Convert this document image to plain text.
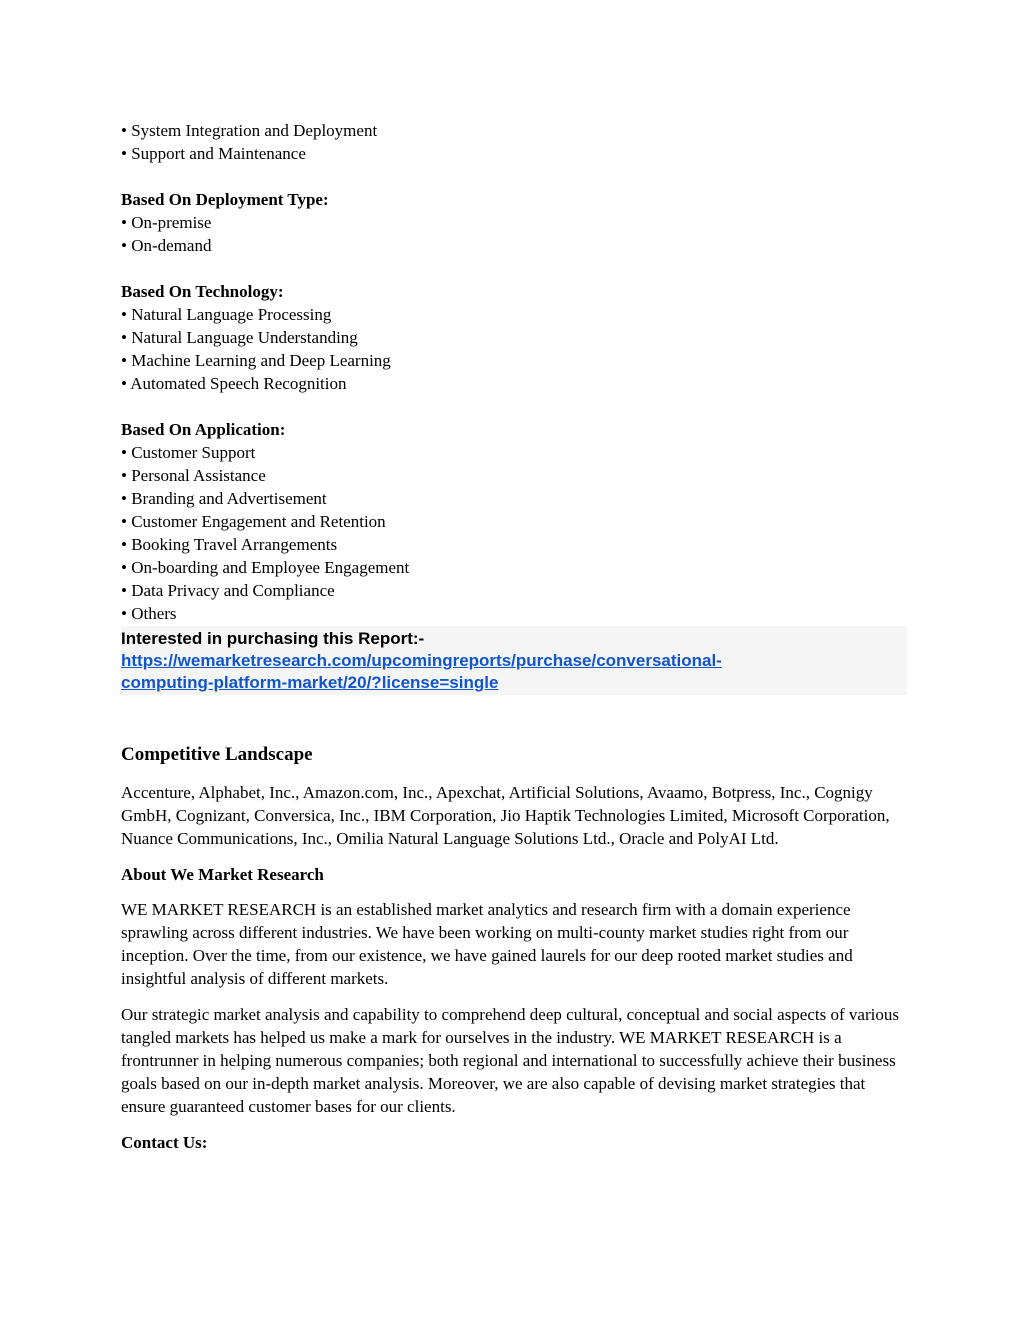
• System Integration and Deployment
• Support and Maintenance
Based On Deployment Type:
• On-premise
• On-demand
Based On Technology:
• Natural Language Processing
• Natural Language Understanding
• Machine Learning and Deep Learning
• Automated Speech Recognition
Based On Application:
• Customer Support
• Personal Assistance
• Branding and Advertisement
• Customer Engagement and Retention
• Booking Travel Arrangements
• On-boarding and Employee Engagement
• Data Privacy and Compliance
• Others
Interested in purchasing this Report:-
https://wemarketresearch.com/upcomingreports/purchase/conversational-
computing-platform-market/20/?license=single
Competitive Landscape

Accenture, Alphabet, Inc., Amazon.com, Inc., Apexchat, Artificial Solutions, Avaamo, Botpress, Inc., Cognigy GmbH, Cognizant, Conversica, Inc., IBM Corporation, Jio Haptik Technologies Limited, Microsoft Corporation, Nuance Communications, Inc., Omilia Natural Language Solutions Ltd., Oracle and PolyAI Ltd.

About We Market Research

WE MARKET RESEARCH is an established market analytics and research firm with a domain experience sprawling across different industries. We have been working on multi-county market studies right from our inception. Over the time, from our existence, we have gained laurels for our deep rooted market studies and insightful analysis of different markets.

Our strategic market analysis and capability to comprehend deep cultural, conceptual and social aspects of various tangled markets has helped us make a mark for ourselves in the industry. WE MARKET RESEARCH is a frontrunner in helping numerous companies; both regional and international to successfully achieve their business goals based on our in-depth market analysis. Moreover, we are also capable of devising market strategies that ensure guaranteed customer bases for our clients.

Contact Us:
